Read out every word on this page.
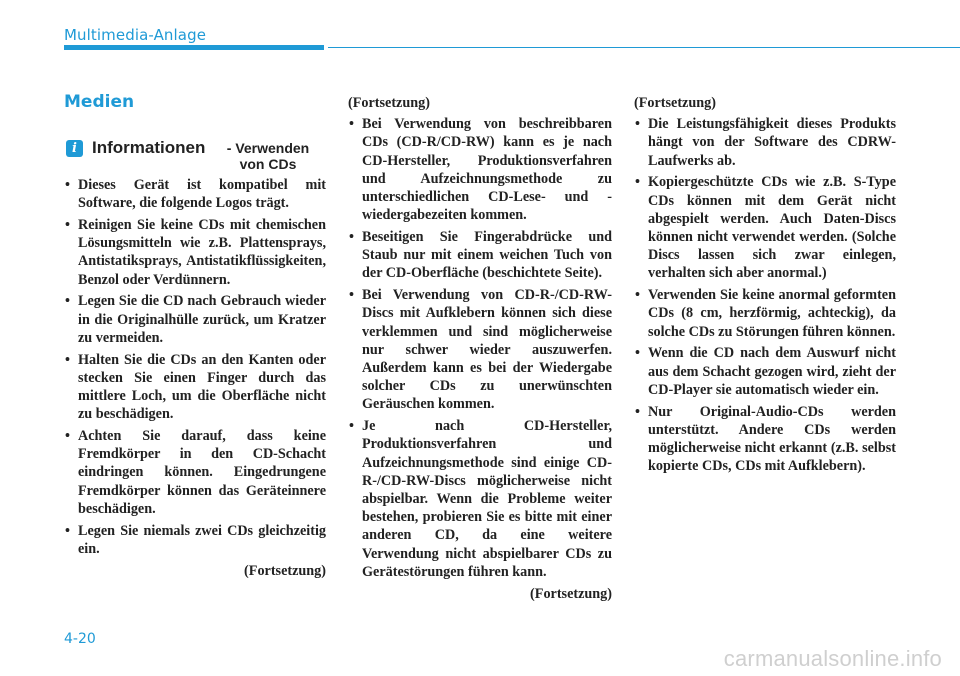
Multimedia-Anlage
Medien
i Informationen	- Verwenden
von CDs
• Dieses Gerät ist kompatibel mit Software, die folgende Logos trägt.
• Reinigen Sie keine CDs mit chemischen Lösungsmitteln wie z.B. Plattensprays, Antistatiksprays, Antistatikflüssigkeiten, Benzol oder Verdünnern.
• Legen Sie die CD nach Gebrauch wieder in die Originalhülle zurück, um Kratzer zu vermeiden.
• Halten Sie die CDs an den Kanten oder stecken Sie einen Finger durch das mittlere Loch, um die Oberfläche nicht zu beschädigen.
• Achten Sie darauf, dass keine Fremdkörper in den CD-Schacht eindringen können. Eingedrungene Fremdkörper können das Geräteinnere beschädigen.
• Legen Sie niemals zwei CDs gleichzeitig ein.
(Fortsetzung)
(Fortsetzung)
• Bei Verwendung von beschreibbaren CDs (CD-R/CD-RW) kann es je nach CD-Hersteller, Produktionsverfahren und Aufzeichnungsmethode zu unterschiedlichen CD-Lese- und -wiedergabezeiten kommen.
• Beseitigen Sie Fingerabdrücke und Staub nur mit einem weichen Tuch von der CD-Oberfläche (beschichtete Seite).
• Bei Verwendung von CD-R-/CD-RW-Discs mit Aufklebern können sich diese verklemmen und sind möglicherweise nur schwer wieder auszuwerfen. Außerdem kann es bei der Wiedergabe solcher CDs zu unerwünschten Geräuschen kommen.
• Je nach CD-Hersteller, Produktionsverfahren und Aufzeichnungsmethode sind einige CD-R-/CD-RW-Discs möglicherweise nicht abspielbar. Wenn die Probleme weiter bestehen, probieren Sie es bitte mit einer anderen CD, da eine weitere Verwendung nicht abspielbarer CDs zu Gerätestörungen führen kann.
(Fortsetzung)
(Fortsetzung)
• Die Leistungsfähigkeit dieses Produkts hängt von der Software des CDRW-Laufwerks ab.
• Kopiergeschützte CDs wie z.B. S-Type CDs können mit dem Gerät nicht abgespielt werden. Auch Daten-Discs können nicht verwendet werden. (Solche Discs lassen sich zwar einlegen, verhalten sich aber anormal.)
• Verwenden Sie keine anormal geformten CDs (8 cm, herzförmig, achteckig), da solche CDs zu Störungen führen können.
• Wenn die CD nach dem Auswurf nicht aus dem Schacht gezogen wird, zieht der CD-Player sie automatisch wieder ein.
• Nur Original-Audio-CDs werden unterstützt. Andere CDs werden möglicherweise nicht erkannt (z.B. selbst kopierte CDs, CDs mit Aufklebern).
4-20
carmanualsonline.info
